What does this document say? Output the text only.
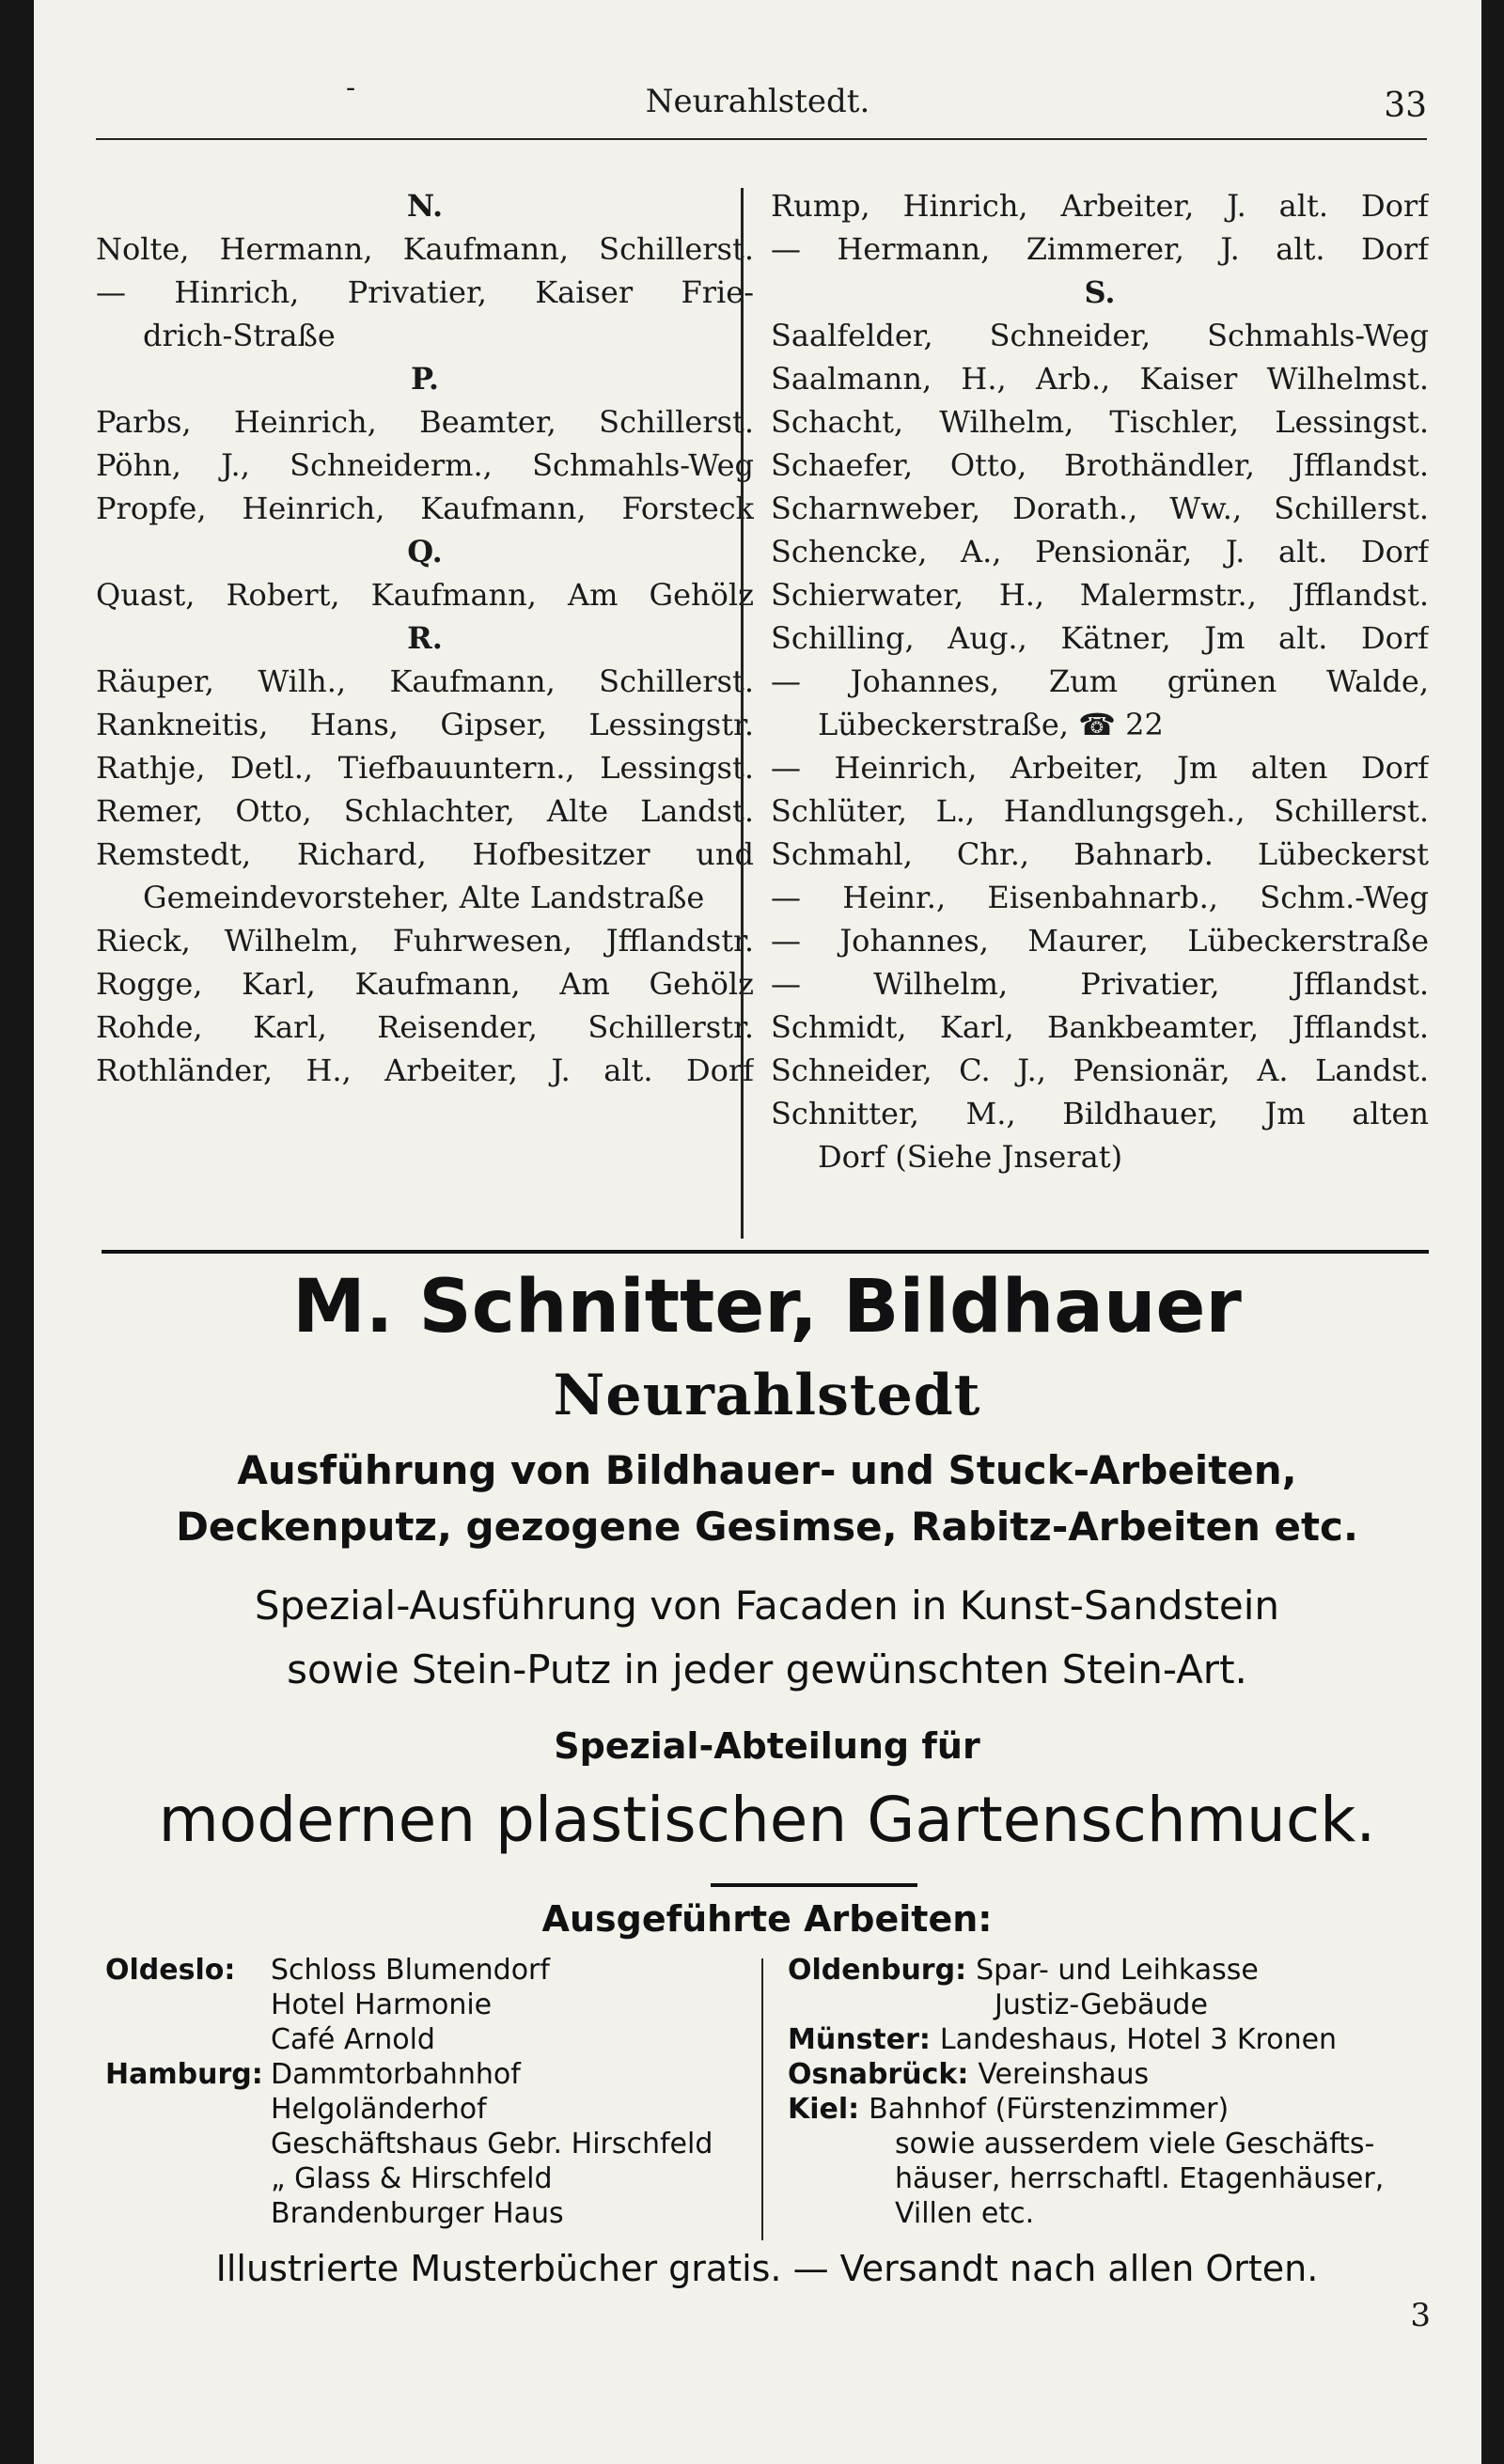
-	Neurahlstedt.	33
N.
Nolte, Hermann, Kaufmann, Schillerst.
— Hinrich, Privatier, Kaiser Frie-
drich-Straße
P.
Parbs, Heinrich, Beamter, Schillerst.
Pöhn, J., Schneiderm., Schmahls-Weg
Propfe, Heinrich, Kaufmann, Forsteck
Q.
Quast, Robert, Kaufmann, Am Gehölz
R.
Räuper, Wilh., Kaufmann, Schillerst.
Rankneitis, Hans, Gipser, Lessingstr.
Rathje, Detl., Tiefbauuntern., Lessingst.
Remer, Otto, Schlachter, Alte Landst.
Remstedt, Richard, Hofbesitzer und
Gemeindevorsteher, Alte Landstraße
Rieck, Wilhelm, Fuhrwesen, Jfflandstr.
Rogge, Karl, Kaufmann, Am Gehölz
Rohde, Karl, Reisender, Schillerstr.
Rothländer, H., Arbeiter, J. alt. Dorf
Rump, Hinrich, Arbeiter, J. alt. Dorf
— Hermann, Zimmerer, J. alt. Dorf
S.
Saalfelder, Schneider, Schmahls-Weg
Saalmann, H., Arb., Kaiser Wilhelmst.
Schacht, Wilhelm, Tischler, Lessingst.
Schaefer, Otto, Brothändler, Jfflandst.
Scharnweber, Dorath., Ww., Schillerst.
Schencke, A., Pensionär, J. alt. Dorf
Schierwater, H., Malermstr., Jfflandst.
Schilling, Aug., Kätner, Jm alt. Dorf
— Johannes, Zum grünen Walde,
Lübeckerstraße, ☎ 22
— Heinrich, Arbeiter, Jm alten Dorf
Schlüter, L., Handlungsgeh., Schillerst.
Schmahl, Chr., Bahnarb. Lübeckerst
— Heinr., Eisenbahnarb., Schm.-Weg
— Johannes, Maurer, Lübeckerstraße
— Wilhelm, Privatier, Jfflandst.
Schmidt, Karl, Bankbeamter, Jfflandst.
Schneider, C. J., Pensionär, A. Landst.
Schnitter, M., Bildhauer, Jm alten
Dorf (Siehe Jnserat)
M. Schnitter, Bildhauer
Neurahlstedt
Ausführung von Bildhauer- und Stuck-Arbeiten,
Deckenputz, gezogene Gesimse, Rabitz-Arbeiten etc.
Spezial-Ausführung von Facaden in Kunst-Sandstein
sowie Stein-Putz in jeder gewünschten Stein-Art.
Spezial-Abteilung für
modernen plastischen Gartenschmuck.
Ausgeführte Arbeiten:
Oldeslo: Schloss Blumendorf
Hotel Harmonie
Café Arnold
Hamburg: Dammtorbahnhof
Helgoländerhof
Geschäftshaus Gebr. Hirschfeld
„ Glass & Hirschfeld
Brandenburger Haus
Oldenburg: Spar- und Leihkasse
Justiz-Gebäude
Münster: Landeshaus, Hotel 3 Kronen
Osnabrück: Vereinshaus
Kiel: Bahnhof (Fürstenzimmer)
sowie ausserdem viele Geschäfts-
häuser, herrschaftl. Etagenhäuser,
Villen etc.
Illustrierte Musterbücher gratis. — Versandt nach allen Orten.
3
